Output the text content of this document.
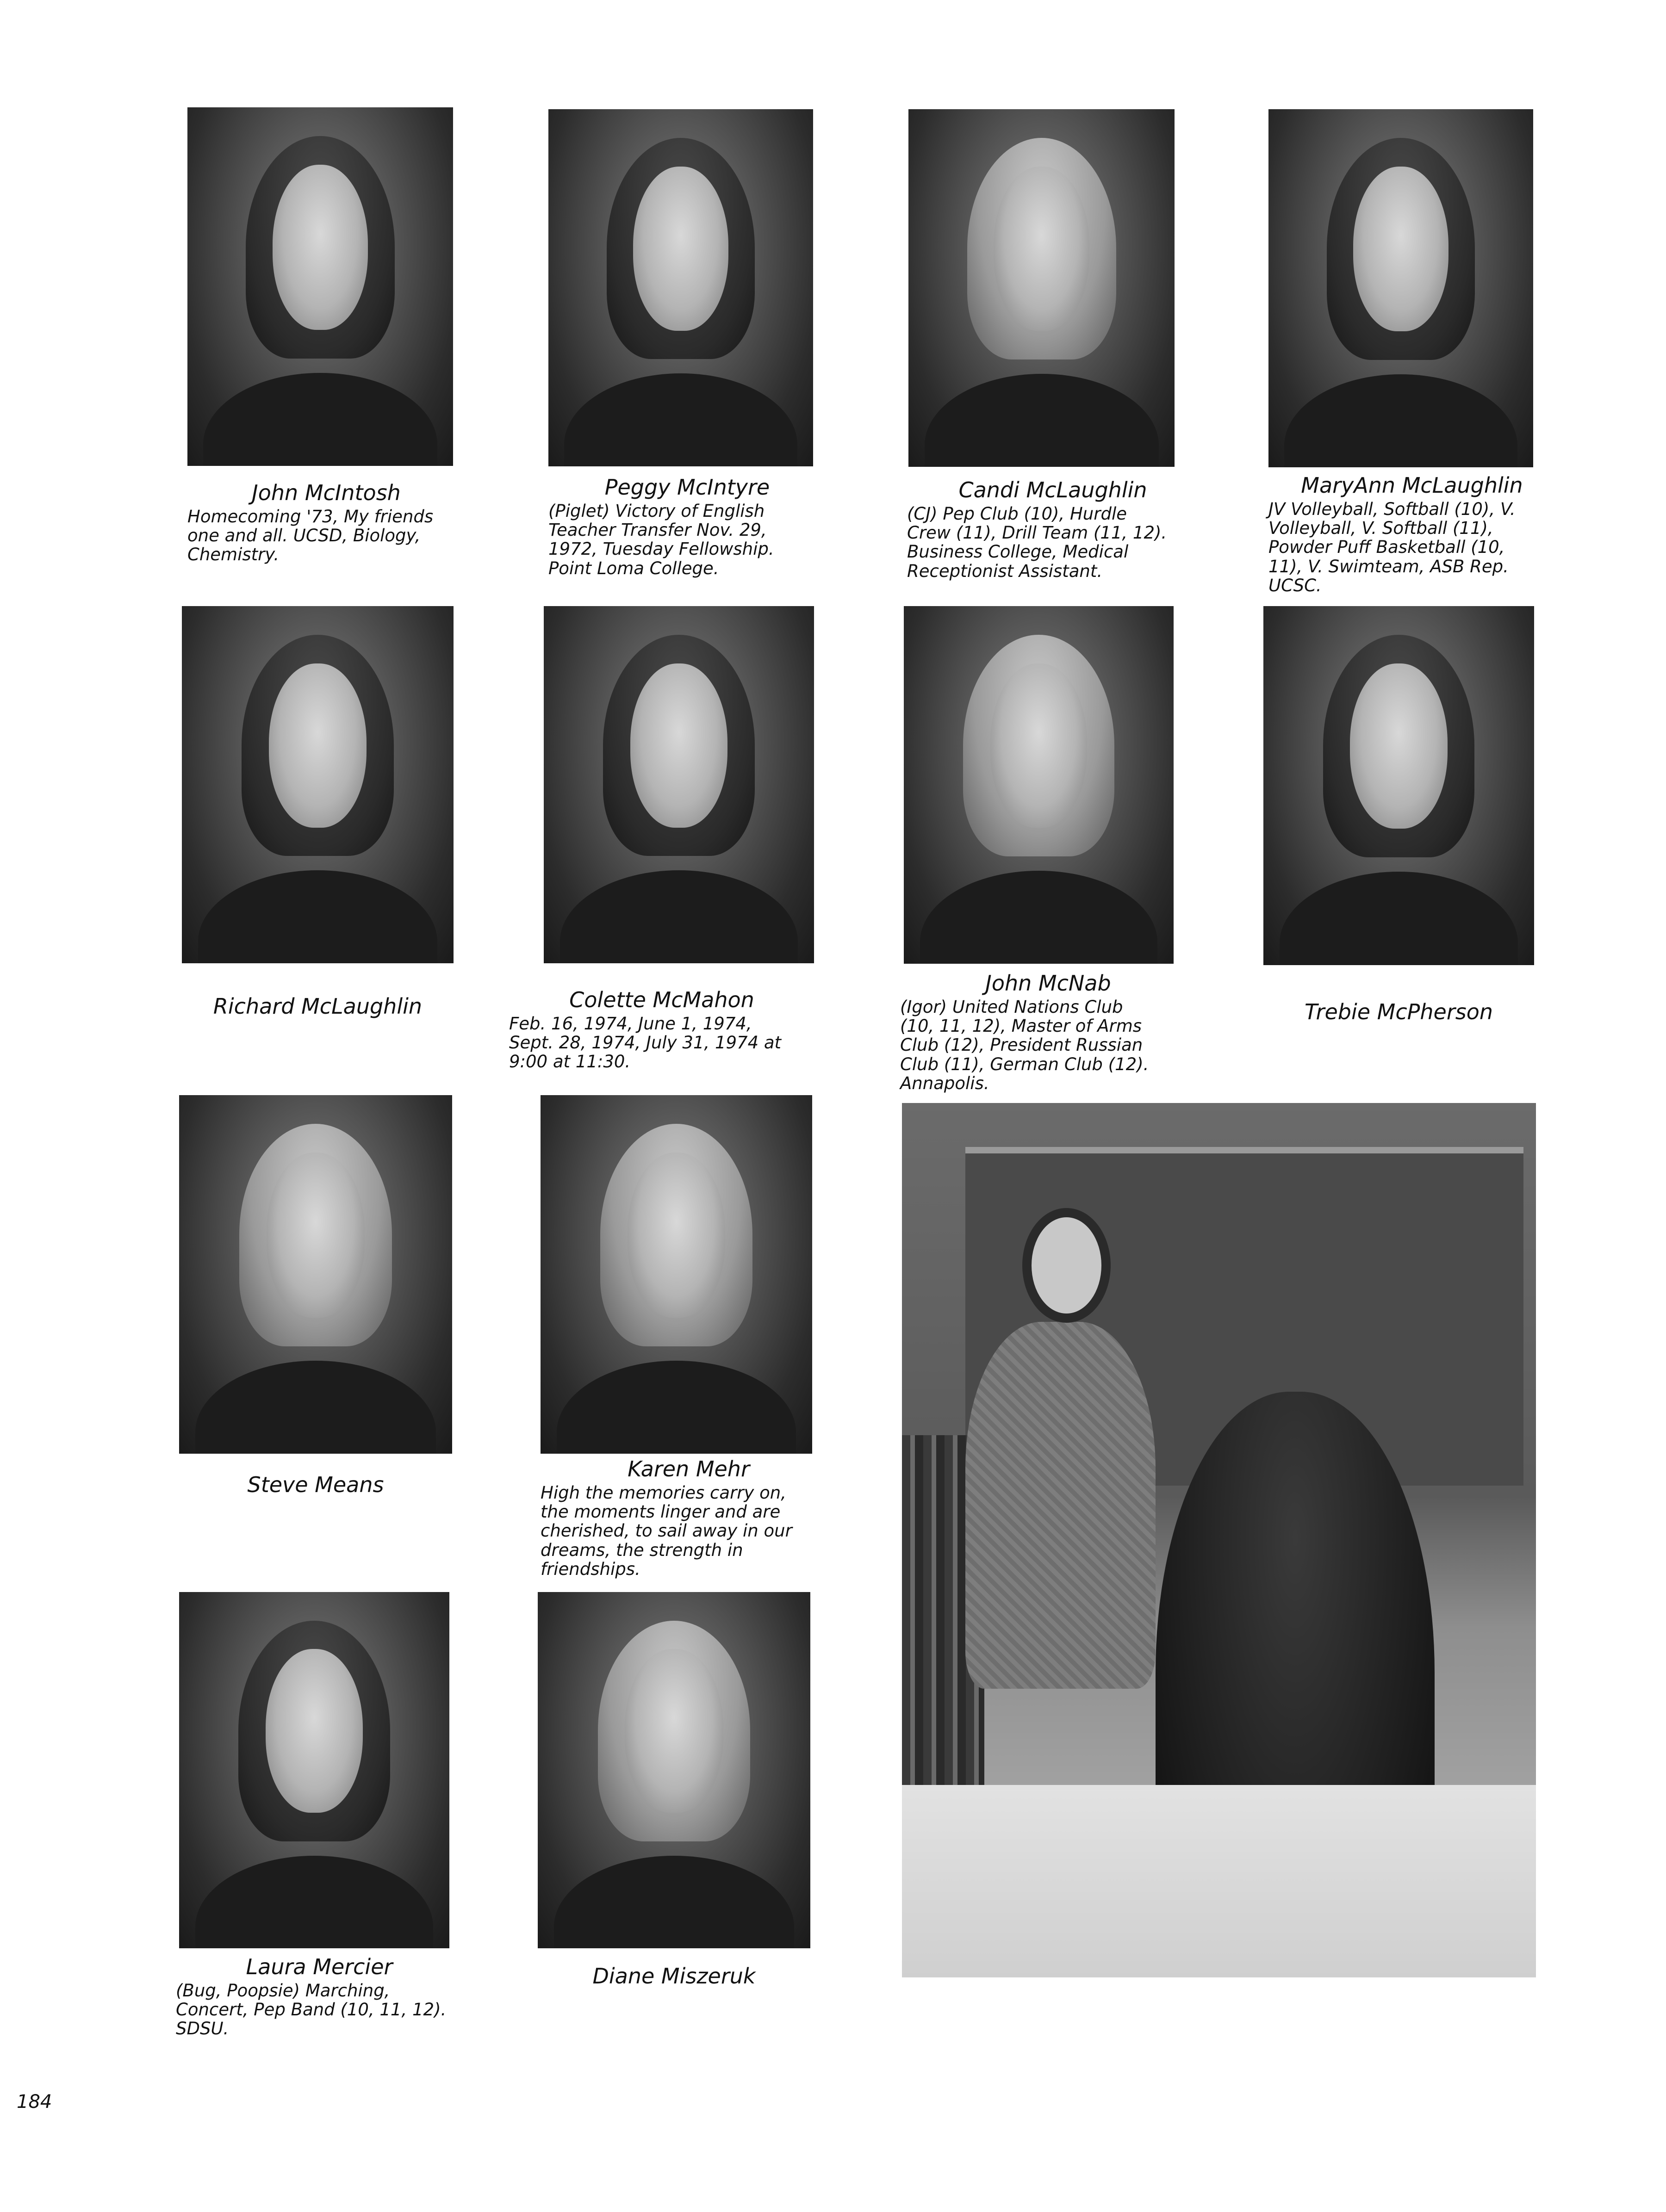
John McIntosh
Homecoming '73, My friends
one and all. UCSD, Biology,
Chemistry.
Peggy McIntyre
(Piglet) Victory of English
Teacher Transfer Nov. 29,
1972, Tuesday Fellowship.
Point Loma College.
Candi McLaughlin
(CJ) Pep Club (10), Hurdle
Crew (11), Drill Team (11, 12).
Business College, Medical
Receptionist Assistant.
MaryAnn McLaughlin
JV Volleyball, Softball (10), V.
Volleyball, V. Softball (11),
Powder Puff Basketball (10,
11), V. Swimteam, ASB Rep.
UCSC.
Richard McLaughlin	Colette McMahon
Feb. 16, 1974, June 1, 1974,
Sept. 28, 1974, July 31, 1974 at
9:00 at 11:30.
John McNab
(Igor) United Nations Club
(10, 11, 12), Master of Arms
Club (12), President Russian
Club (11), German Club (12).
Annapolis.
Trebie McPherson
Steve Means
Karen Mehr
High the memories carry on,
the moments linger and are
cherished, to sail away in our
dreams, the strength in
friendships.
Laura Mercier
(Bug, Poopsie) Marching,
Concert, Pep Band (10, 11, 12).
SDSU.
Diane Miszeruk
184
